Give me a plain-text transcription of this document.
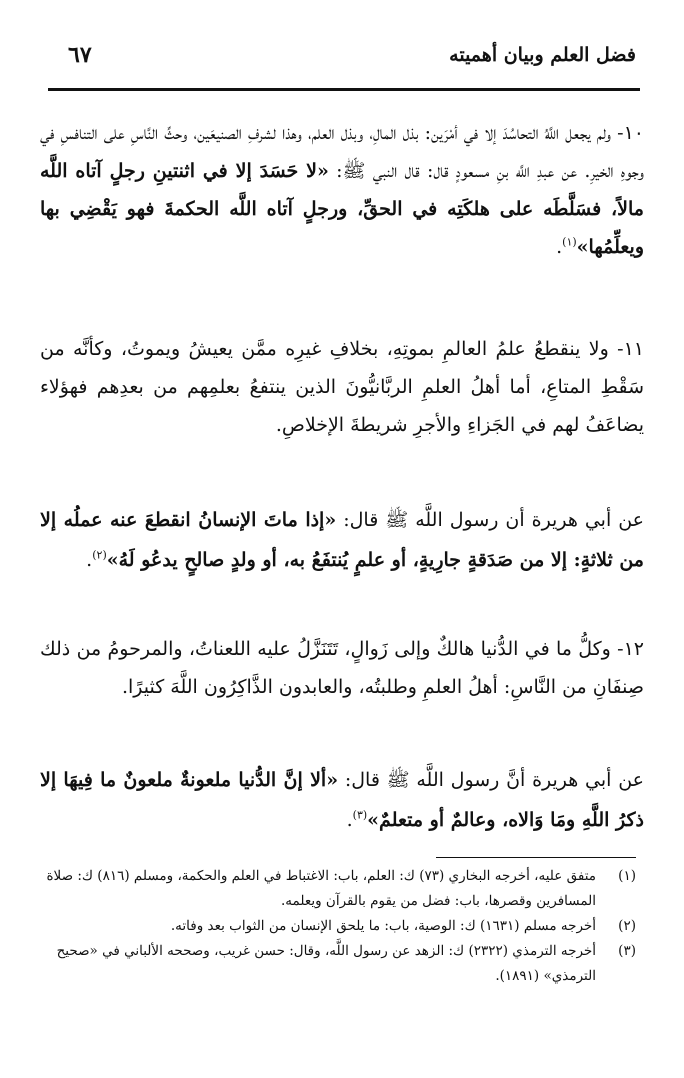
فضل العلم وبيان أهميته
٦٧

١٠- ولم يجعل اللَّهُ التحاسُدَ إلا في أمْرَين: بذل المالِ، وبذل العلم، وهذا لشرفِ الصنيعَين، وحثِّ النَّاسِ على التنافسِ في وجوهِ الخيرِ. عن عبدِ اللَّه بنِ مسعودٍ قال: قال النبي ﷺ: «لا حَسَدَ إلا في اثنتينِ رجلٍ آتاه اللَّه مالاً، فسَلَّطَه على هلكَتِه في الحقِّ، ورجلٍ آتاه اللَّه الحكمةَ فهو يَقْضِي بها ويعلِّمُها»$^{(١)}$.

١١- ولا ينقطعُ علمُ العالمِ بموتِهِ، بخلافِ غيرِه ممَّن يعيشُ ويموتُ، وكأنَّه من سَقْطِ المتاعِ، أما أهلُ العلمِ الربَّانيُّونَ الذين ينتفعُ بعلمِهم من بعدِهم فهؤلاء يضاعَفُ لهم في الجَزاءِ والأجرِ شريطةَ الإخلاصِ.

عن أبي هريرة أن رسول اللَّه ﷺ قال: «إذا ماتَ الإنسانُ انقطعَ عنه عملُه إلا من ثلاثةٍ: إلا من صَدَقةٍ جارِيةٍ، أو علمٍ يُنتفَعُ به، أو ولدٍ صالحٍ يدعُو لَهُ»$^{(٢)}$.

١٢- وكلُّ ما في الدُّنيا هالكٌ وإلى زَوالٍ، تَتَنَزَّلُ عليه اللعناتُ، والمرحومُ من ذلك صِنفَانِ من النَّاسِ: أهلُ العلمِ وطلبتُه، والعابدون الذَّاكِرُون اللَّهَ كثيرًا.

عن أبي هريرة أنَّ رسول اللَّه ﷺ قال: «ألا إنَّ الدُّنيا ملعونةٌ ملعونٌ ما فِيهَا إلا ذكرُ اللَّهِ ومَا وَالاه، وعالمٌ أو متعلمٌ»$^{(٣)}$.

(١)
متفق عليه، أخرجه البخاري (٧٣) ك: العلم، باب: الاغتباط في العلم والحكمة، ومسلم (٨١٦) ك: صلاة المسافرين وقصرها، باب: فضل من يقوم بالقرآن ويعلمه.
(٢)
أخرجه مسلم (١٦٣١) ك: الوصية، باب: ما يلحق الإنسان من الثواب بعد وفاته.
(٣)
أخرجه الترمذي (٢٣٢٢) ك: الزهد عن رسول اللَّه، وقال: حسن غريب، وصححه الألباني في «صحيح الترمذي» (١٨٩١).
